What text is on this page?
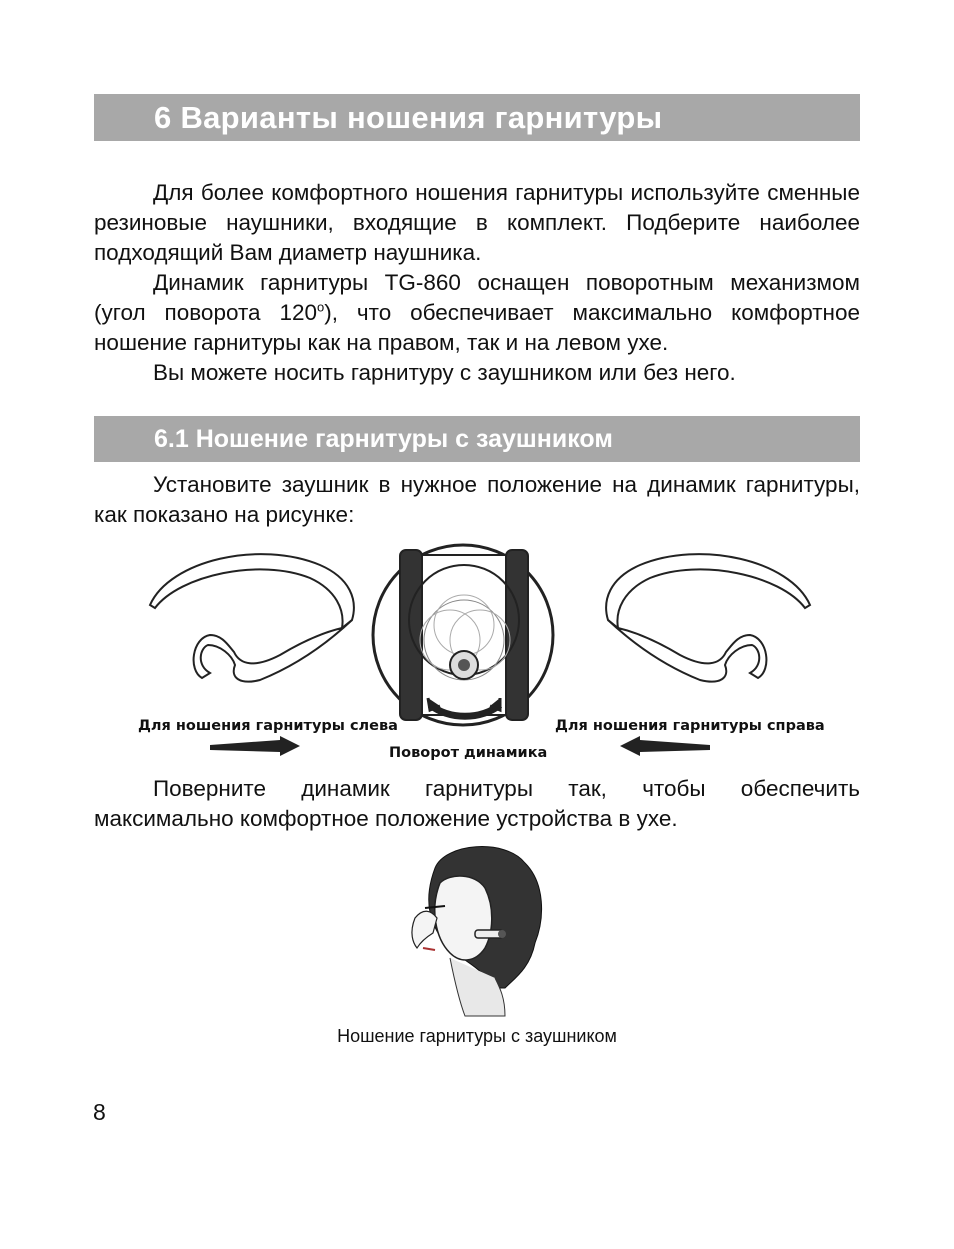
6 Варианты ношения гарнитуры

Для более комфортного ношения гарнитуры используйте сменные резиновые наушники, входящие в комплект. Подберите наиболее подходящий Вам диаметр наушника.

Динамик гарнитуры TG-860 оснащен поворотным механизмом (угол поворота 120$^o$), что обеспечивает максимально комфортное ношение гарнитуры как на правом, так и на левом ухе.

Вы можете носить гарнитуру с заушником или без него.

6.1 Ношение гарнитуры с заушником

Установите заушник в нужное положение на динамик гарнитуры, как показано на рисунке:

Для ношения гарнитуры слева
Поворот динамика
Для ношения гарнитуры справа

Поверните динамик гарнитуры так, чтобы обеспечить максимально комфортное положение устройства в ухе.

Ношение гарнитуры с заушником
8
